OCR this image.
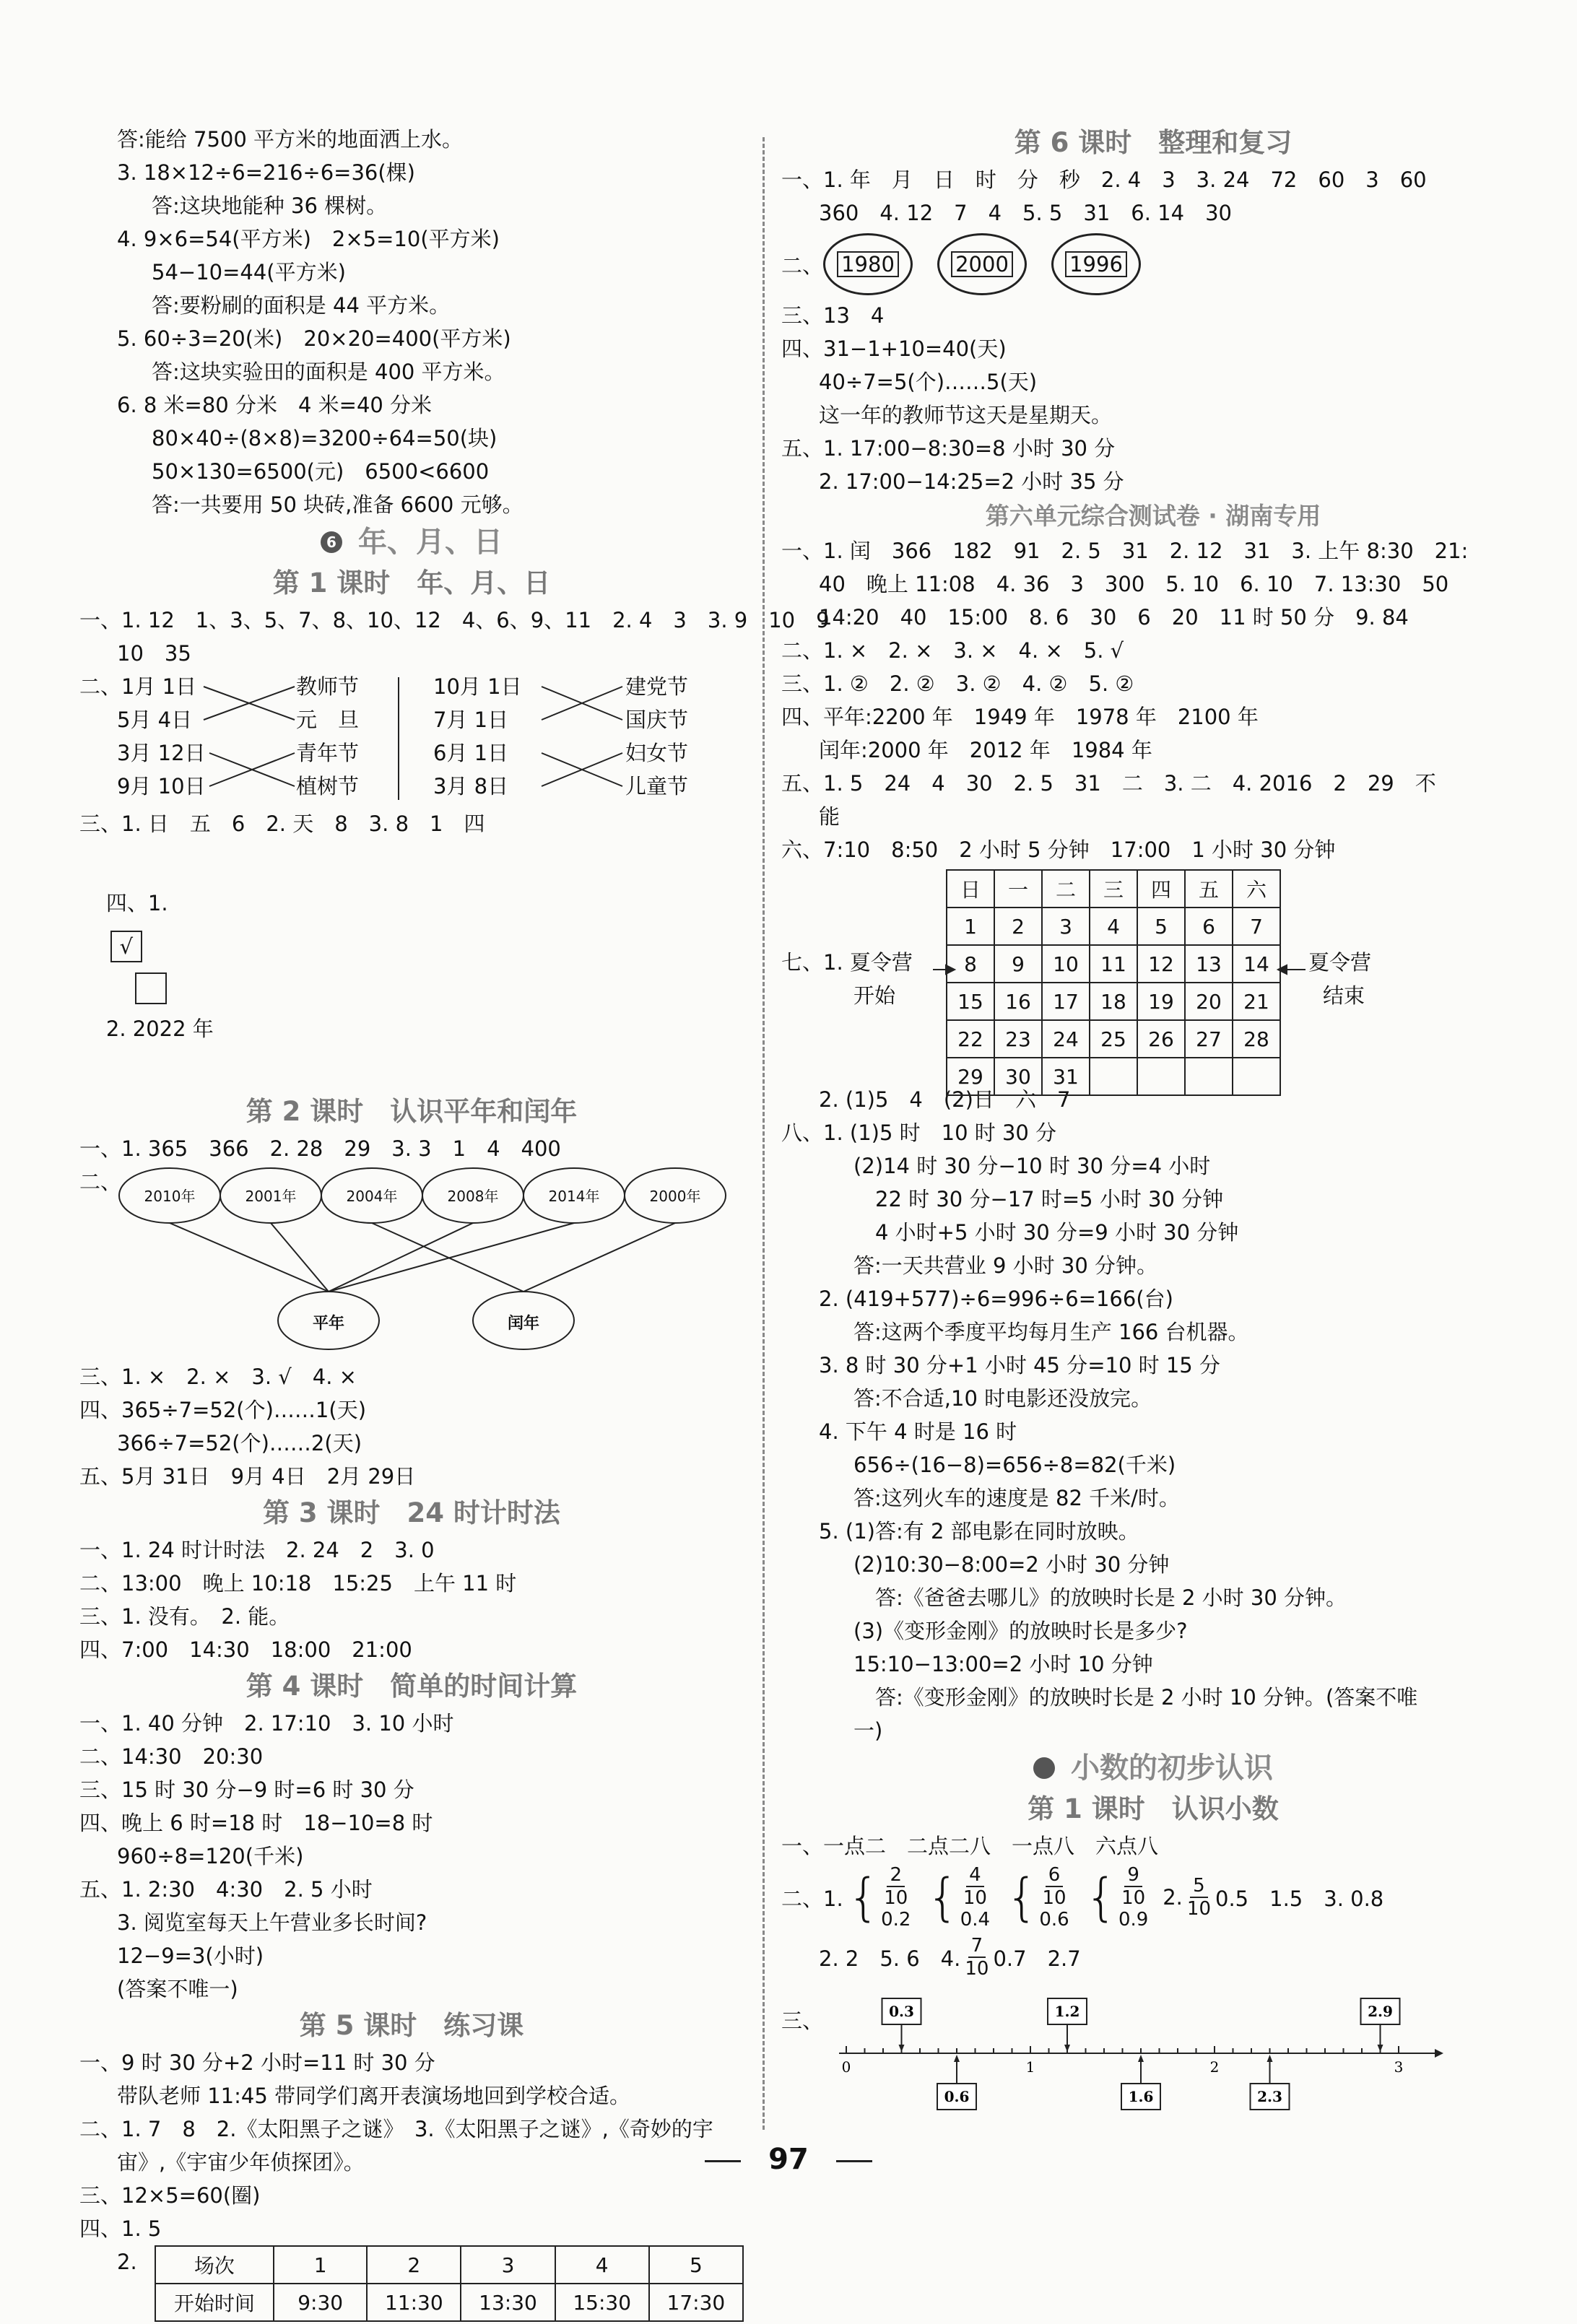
答:能给 7500 平方米的地面洒上水。
3. 18×12÷6=216÷6=36(棵)
答:这块地能种 36 棵树。
4. 9×6=54(平方米)　2×5=10(平方米)
54−10=44(平方米)
答:要粉刷的面积是 44 平方米。
5. 60÷3=20(米)　20×20=400(平方米)
答:这块实验田的面积是 400 平方米。
6. 8 米=80 分米　4 米=40 分米
80×40÷(8×8)=3200÷64=50(块)
50×130=6500(元)　6500<6600
答:一共要用 50 块砖,准备 6600 元够。
6 年、月、日
第 1 课时　年、月、日
一、1. 12　1、3、5、7、8、10、12　4、6、9、11　2. 4　3　3. 9　10　9
10　35
二、1月 1日
5月 4日
3月 12日
9月 10日
教师节
元　旦
青年节
植树节
10月 1日
7月 1日
6月 1日
3月 8日
建党节
国庆节
妇女节
儿童节
三、1. 日　五　6　2. 天　8　3. 8　1　四

四、1.
√

2. 2022 年

第 2 课时　认识平年和闰年
一、1. 365　366　2. 28　29　3. 3　1　4　400
二、
2010年	2001年	2004年	2008年	2014年	2000年
平年	闰年
三、1. ×　2. ×　3. √　4. ×
四、365÷7=52(个)……1(天)
366÷7=52(个)……2(天)
五、5月 31日　9月 4日　2月 29日
第 3 课时　24 时计时法
一、1. 24 时计时法　2. 24　2　3. 0
二、13:00　晚上 10:18　15:25　上午 11 时
三、1. 没有。　2. 能。
四、7:00　14:30　18:00　21:00
第 4 课时　简单的时间计算
一、1. 40 分钟　2. 17:10　3. 10 小时
二、14:30　20:30
三、15 时 30 分−9 时=6 时 30 分
四、晚上 6 时=18 时　18−10=8 时
960÷8=120(千米)
五、1. 2:30　4:30　2. 5 小时
3. 阅览室每天上午营业多长时间?
12−9=3(小时)
(答案不唯一)
第 5 课时　练习课
一、9 时 30 分+2 小时=11 时 30 分
带队老师 11:45 带同学们离开表演场地回到学校合适。
二、1. 7　8　2.《太阳黑子之谜》　3.《太阳黑子之谜》,《奇妙的宇
宙》,《宇宙少年侦探团》。
三、12×5=60(圈)
四、1. 5
2.	场次	1	2	3	4	5
开始时间	9:30	11:30	13:30	15:30	17:30
第 6 课时　整理和复习
一、1. 年　月　日　时　分　秒　2. 4　3　3. 24　72　60　3　60
360　4. 12　7　4　5. 5　31　6. 14　30
二、 1980	2000	1996
三、13　4
四、31−1+10=40(天)
40÷7=5(个)……5(天)
这一年的教师节这天是星期天。
五、1. 17:00−8:30=8 小时 30 分
2. 17:00−14:25=2 小时 35 分
第六单元综合测试卷 · 湖南专用
一、1. 闰　366　182　91　2. 5　31　2. 12　31　3. 上午 8:30　21:
40　晚上 11:08　4. 36　3　300　5. 10　6. 10　7. 13:30　50
14:20　40　15:00　8. 6　30　6　20　11 时 50 分　9. 84
二、1. ×　2. ×　3. ×　4. ×　5. √
三、1. ②　2. ②　3. ②　4. ②　5. ②
四、平年:2200 年　1949 年　1978 年　2100 年
闰年:2000 年　2012 年　1984 年
五、1. 5　24　4　30　2. 5　31　二　3. 二　4. 2016　2　29　不
能
六、7:10　8:50　2 小时 5 分钟　17:00　1 小时 30 分钟
七、1. 夏令营
开始
日	一	二	三	四	五	六
1	2	3	4	5	6	7
8	9	10	11	12	13	14
15	16	17	18	19	20	21
22	23	24	25	26	27	28
29	30	31				
夏令营
结束
2. (1)5　4　(2)日　六　7
八、1. (1)5 时　10 时 30 分
(2)14 时 30 分−10 时 30 分=4 小时
22 时 30 分−17 时=5 小时 30 分钟
4 小时+5 小时 30 分=9 小时 30 分钟
答:一天共营业 9 小时 30 分钟。
2. (419+577)÷6=996÷6=166(台)
答:这两个季度平均每月生产 166 台机器。
3. 8 时 30 分+1 小时 45 分=10 时 15 分
答:不合适,10 时电影还没放完。
4. 下午 4 时是 16 时
656÷(16−8)=656÷8=82(千米)
答:这列火车的速度是 82 千米/时。
5. (1)答:有 2 部电影在同时放映。
(2)10:30−8:00=2 小时 30 分钟
答:《爸爸去哪儿》的放映时长是 2 小时 30 分钟。
(3)《变形金刚》的放映时长是多少?
15:10−13:00=2 小时 10 分钟
答:《变形金刚》的放映时长是 2 小时 10 分钟。(答案不唯
一)
小数的初步认识
第 1 课时　认识小数
一、一点二　二点二八　一点八　六点八
二、1. { $\frac{2}{10}$
0.2 { $\frac{4}{10}$
0.4 { $\frac{6}{10}$
0.6 { $\frac{9}{10}$
0.9
2. $\frac{5}{10} 0.5$　1.5　3. 0.8
2. 2　5. 6　4. $\frac{7}{10} 0.7$　2.7
三、
0	1	2	3
0.3	1.2	2.9
0.6	1.6	2.3
97
